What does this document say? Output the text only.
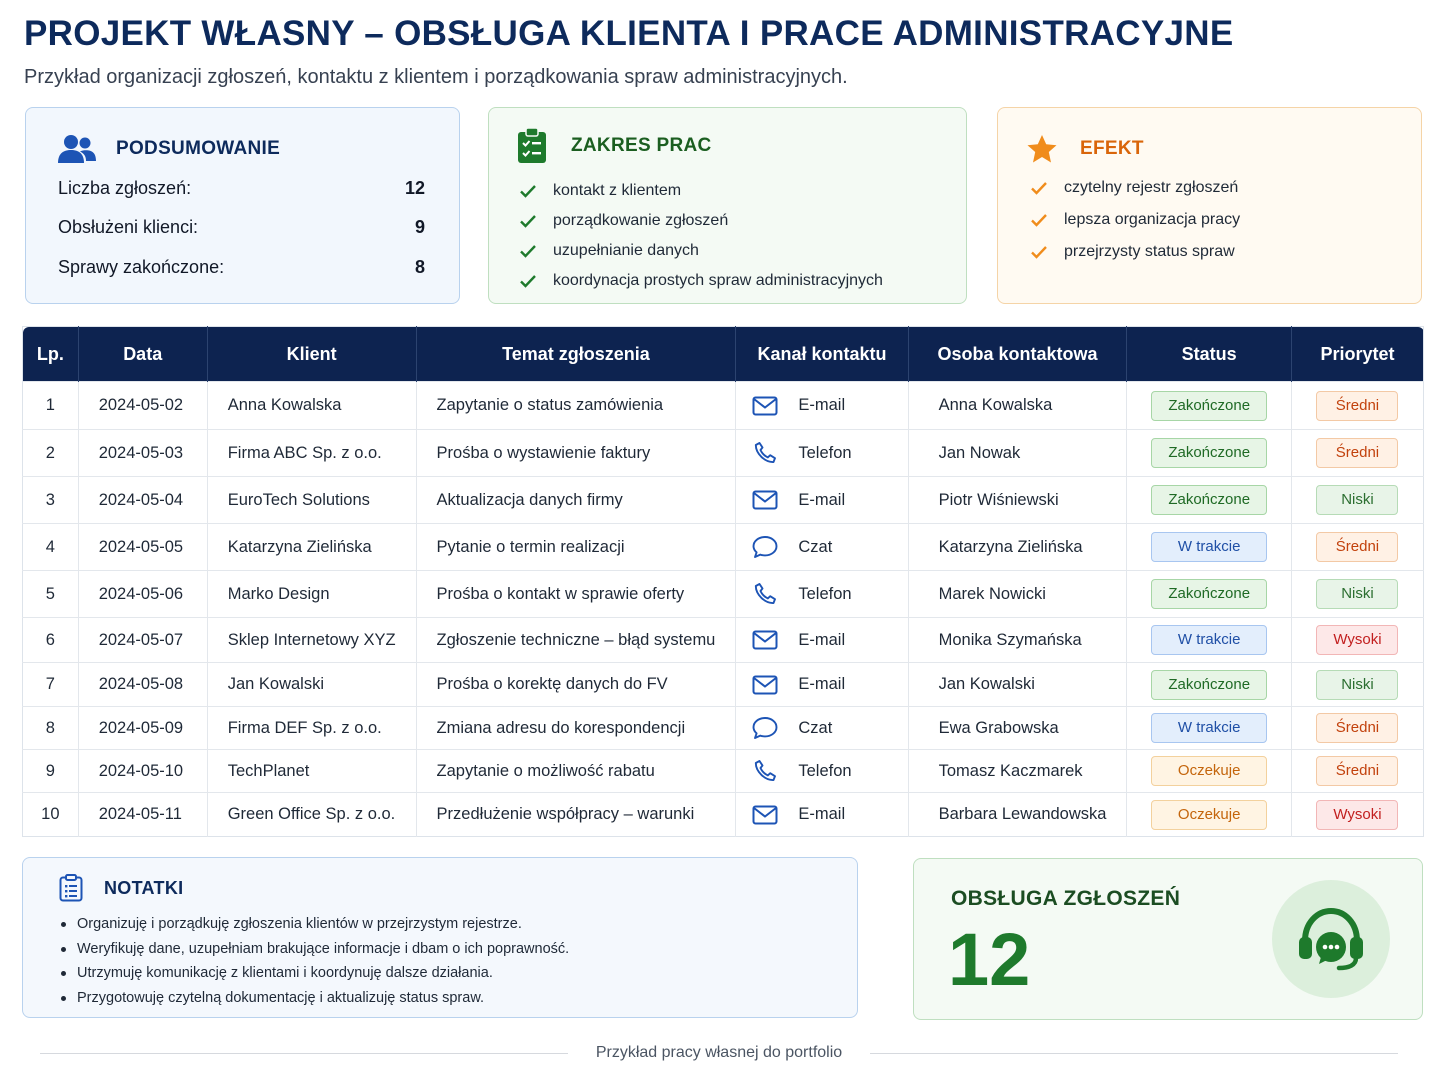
PROJEKT WŁASNY – OBSŁUGA KLIENTA I PRACE ADMINISTRACYJNE
Przykład organizacji zgłoszeń, kontaktu z klientem i porządkowania spraw administracyjnych.
PODSUMOWANIE
Liczba zgłoszeń:	12
Obsłużeni klienci:	9
Sprawy zakończone:	8
ZAKRES PRAC
kontakt z klientem
porządkowanie zgłoszeń
uzupełnianie danych
koordynacja prostych spraw administracyjnych
EFEKT
czytelny rejestr zgłoszeń
lepsza organizacja pracy
przejrzysty status spraw
Lp.	Data	Klient	Temat zgłoszenia	Kanał kontaktu	Osoba kontaktowa	Status	Priorytet
1	2024-05-02	Anna Kowalska	Zapytanie o status zamówienia	E-mail	Anna Kowalska	Zakończone	Średni
2	2024-05-03	Firma ABC Sp. z o.o.	Prośba o wystawienie faktury	Telefon	Jan Nowak	Zakończone	Średni
3	2024-05-04	EuroTech Solutions	Aktualizacja danych firmy	E-mail	Piotr Wiśniewski	Zakończone	Niski
4	2024-05-05	Katarzyna Zielińska	Pytanie o termin realizacji	Czat	Katarzyna Zielińska	W trakcie	Średni
5	2024-05-06	Marko Design	Prośba o kontakt w sprawie oferty	Telefon	Marek Nowicki	Zakończone	Niski
6	2024-05-07	Sklep Internetowy XYZ	Zgłoszenie techniczne – błąd systemu	E-mail	Monika Szymańska	W trakcie	Wysoki
7	2024-05-08	Jan Kowalski	Prośba o korektę danych do FV	E-mail	Jan Kowalski	Zakończone	Niski
8	2024-05-09	Firma DEF Sp. z o.o.	Zmiana adresu do korespondencji	Czat	Ewa Grabowska	W trakcie	Średni
9	2024-05-10	TechPlanet	Zapytanie o możliwość rabatu	Telefon	Tomasz Kaczmarek	Oczekuje	Średni
10	2024-05-11	Green Office Sp. z o.o.	Przedłużenie współpracy – warunki	E-mail	Barbara Lewandowska	Oczekuje	Wysoki
NOTATKI
Organizuję i porządkuję zgłoszenia klientów w przejrzystym rejestrze.
Weryfikuję dane, uzupełniam brakujące informacje i dbam o ich poprawność.
Utrzymuję komunikację z klientami i koordynuję dalsze działania.
Przygotowuję czytelną dokumentację i aktualizuję status spraw.
OBSŁUGA ZGŁOSZEŃ
12
Przykład pracy własnej do portfolio
